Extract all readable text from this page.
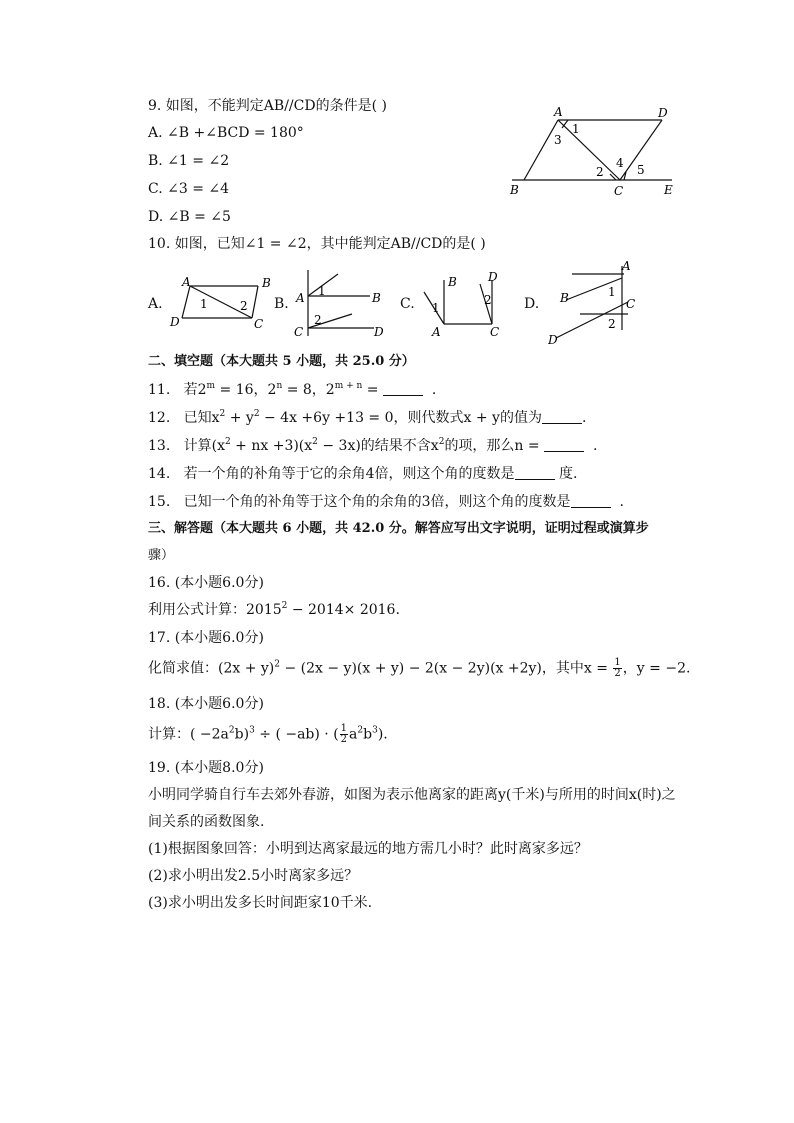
9. 如图，不能判定AB//CD的条件是( )
A. ∠B +∠BCD = 180°
B. ∠1 = ∠2
C. ∠3 = ∠4
D. ∠B = ∠5
A	D
B	C	E
1
2
3
4 5
10. 如图，已知∠1 = ∠2，其中能判定AB//CD的是( )
A.
A	B
C
D
1	2 B. A	B
C	D
1
2
C.
B	D
A	C
1
2 D.
A
B	C
D
1
2
二、填空题（本大题共 5 小题，共 25.0 分）
11. 若$2^m = 16$，$2^n = 8$，$2^{m + n}$ =	.
12. 已知$x^2 + y^2 - 4x +6y +13 = 0$，则代数式x + y的值为	.
13. 计算($x^2$ + nx $+3)(x^2 - 3x)$的结果不含$x^2$的项，那么n =	.
14. 若一个角的补角等于它的余角4倍，则这个角的度数是	度.
15. 已知一个角的补角等于这个角的余角的3倍，则这个角的度数是	.
三、解答题（本大题共 6 小题，共 42.0 分。解答应写出文字说明，证明过程或演算步
骤）
16. (本小题6.0分)
利用公式计算：$2015^2 - 2014\times 2016$.
17. (本小题6.0分)
化简求值：$(2x + y)^2 - (2x - y)(x + y) - 2(x - 2y)(x +2y)$，其中$x = \frac{1}{2}$ ，y = −2.
18. (本小题6.0分)
计算：( $-2a^2b)^3$ ÷ ( −ab) · ( $\frac{1}{2} a^2b^3$).
19. (本小题8.0分)
小明同学骑自行车去郊外春游，如图为表示他离家的距离y(千米)与所用的时间x(时)之
间关系的函数图象.
(1)根据图象回答：小明到达离家最远的地方需几小时？此时离家多远？
(2)求小明出发2.5小时离家多远？
(3)求小明出发多长时间距家10千米.
